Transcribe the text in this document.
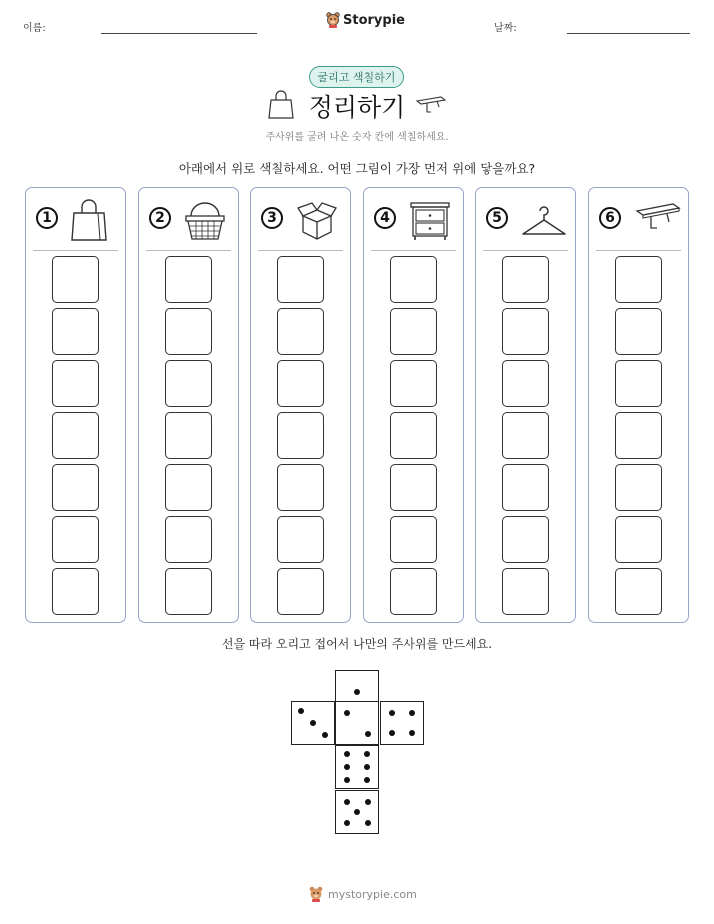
이름:
Storypie
날짜:
굴리고 색칠하기
정리하기
주사위를 굴려 나온 숫자 칸에 색칠하세요.
아래에서 위로 색칠하세요. 어떤 그림이 가장 먼저 위에 닿을까요?
1	2	3	4	5	6
선을 따라 오리고 접어서 나만의 주사위를 만드세요.
mystorypie.com
